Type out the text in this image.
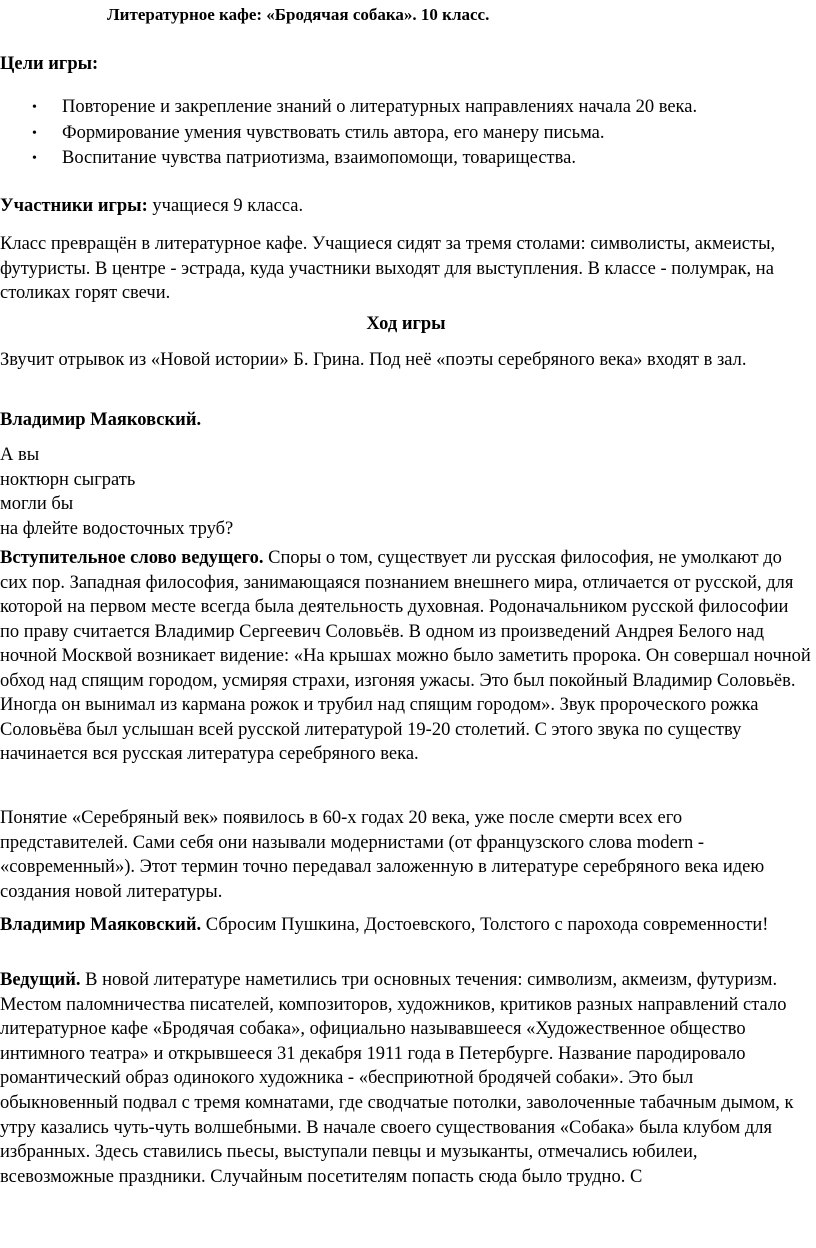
Литературное кафе: «Бродячая собака». 10 класс.
Цели игры:
• Повторение и закрепление знаний о литературных направлениях начала 20 века.
• Формирование умения чувствовать стиль автора, его манеру письма.
• Воспитание чувства патриотизма, взаимопомощи, товарищества.
Участники игры: учащиеся 9 класса.
Класс превращён в литературное кафе. Учащиеся сидят за тремя столами: символисты, акмеисты, футуристы. В центре - эстрада, куда участники выходят для выступления. В классе - полумрак, на столиках горят свечи.
Ход игры
Звучит отрывок из «Новой истории» Б. Грина. Под неё «поэты серебряного века» входят в зал.
Владимир Маяковский.
А вы
ноктюрн сыграть
могли бы
на флейте водосточных труб?
Вступительное слово ведущего. Споры о том, существует ли русская философия, не умолкают до сих пор. Западная философия, занимающаяся познанием внешнего мира, отличается от русской, для которой на первом месте всегда была деятельность духовная. Родоначальником русской философии по праву считается Владимир Сергеевич Соловьёв. В одном из произведений Андрея Белого над ночной Москвой возникает видение: «На крышах можно было заметить пророка. Он совершал ночной обход над спящим городом, усмиряя страхи, изгоняя ужасы. Это был покойный Владимир Соловьёв. Иногда он вынимал из кармана рожок и трубил над спящим городом». Звук пророческого рожка Соловьёва был услышан всей русской литературой 19-20 столетий. С этого звука по существу начинается вся русская литература серебряного века.
Понятие «Серебряный век» появилось в 60-х годах 20 века, уже после смерти всех его представителей. Сами себя они называли модернистами (от французского слова modern - «современный»). Этот термин точно передавал заложенную в литературе серебряного века идею создания новой литературы.
Владимир Маяковский. Сбросим Пушкина, Достоевского, Толстого с парохода современности!
Ведущий. В новой литературе наметились три основных течения: символизм, акмеизм, футуризм. Местом паломничества писателей, композиторов, художников, критиков разных направлений стало литературное кафе «Бродячая собака», официально называвшееся «Художественное общество интимного театра» и открывшееся 31 декабря 1911 года в Петербурге. Название пародировало романтический образ одинокого художника - «бесприютной бродячей собаки». Это был обыкновенный подвал с тремя комнатами, где сводчатые потолки, заволоченные табачным дымом, к утру казались чуть-чуть волшебными. В начале своего существования «Собака» была клубом для избранных. Здесь ставились пьесы, выступали певцы и музыканты, отмечались юбилеи, всевозможные праздники. Случайным посетителям попасть сюда было трудно. С
